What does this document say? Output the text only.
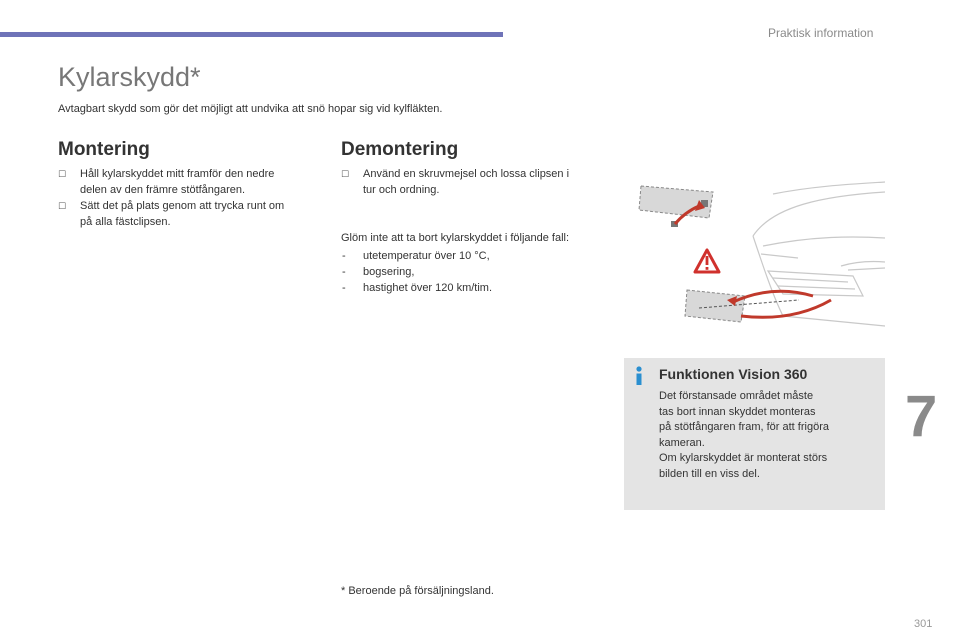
Praktisk information
Kylarskydd*
Avtagbart skydd som gör det möjligt att undvika att snö hopar sig vid kylfläkten.
Montering
☐ Håll kylarskyddet mitt framför den nedre
delen av den främre stötfångaren.
☐ Sätt det på plats genom att trycka runt om
på alla fästclipsen.
Demontering
☐ Använd en skruvmejsel och lossa clipsen i
tur och ordning.
Glöm inte att ta bort kylarskyddet i följande fall:
- utetemperatur över 10 °C,
- bogsering,
- hastighet över 120 km/tim.
Funktionen Vision 360
Det förstansade området måste
tas bort innan skyddet monteras
på stötfångaren fram, för att frigöra
kameran.
Om kylarskyddet är monterat störs
bilden till en viss del.
7
* Beroende på försäljningsland.
301
